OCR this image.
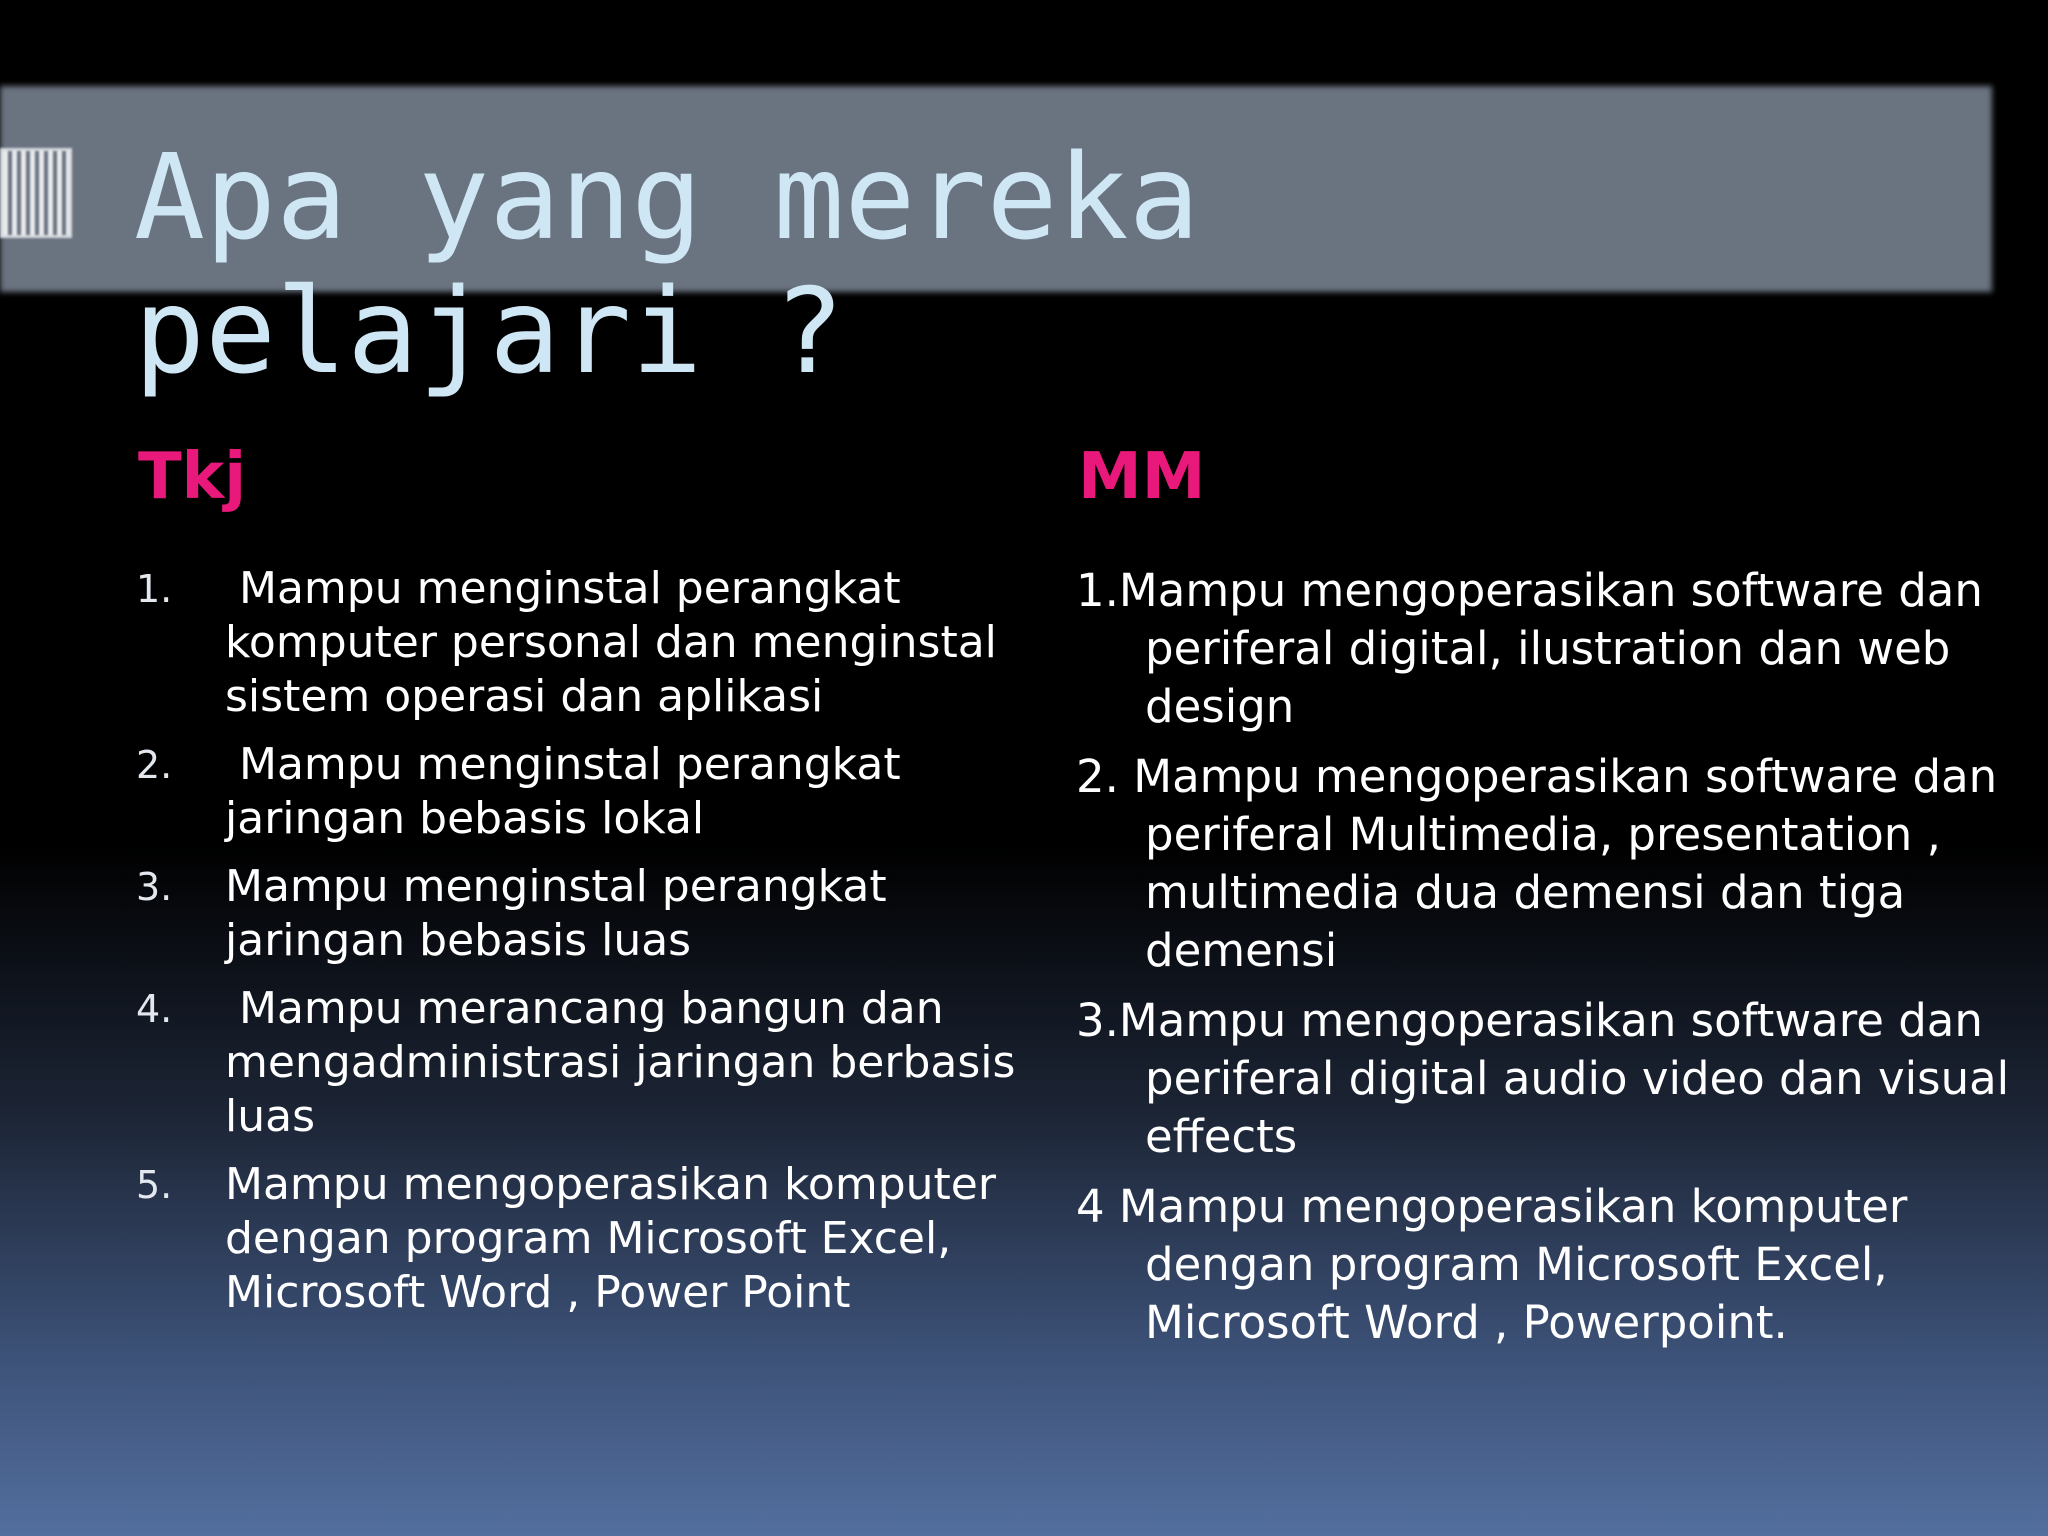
Apa yang mereka pelajari ?
Tkj	MM
1.	Mampu menginstal perangkat komputer personal dan menginstal sistem operasi dan aplikasi
2.	Mampu menginstal perangkat jaringan bebasis lokal
3.	Mampu menginstal perangkat jaringan bebasis luas
4.	Mampu merancang bangun dan mengadministrasi jaringan berbasis luas
5.	Mampu mengoperasikan komputer dengan program Microsoft Excel, Microsoft Word , Power Point
1.Mampu mengoperasikan software dan periferal digital, ilustration dan web design
2. Mampu mengoperasikan software dan periferal Multimedia, presentation , multimedia dua demensi dan tiga demensi
3.Mampu mengoperasikan software dan periferal digital audio video dan visual effects
4 Mampu mengoperasikan komputer dengan program Microsoft Excel, Microsoft Word , Powerpoint.
